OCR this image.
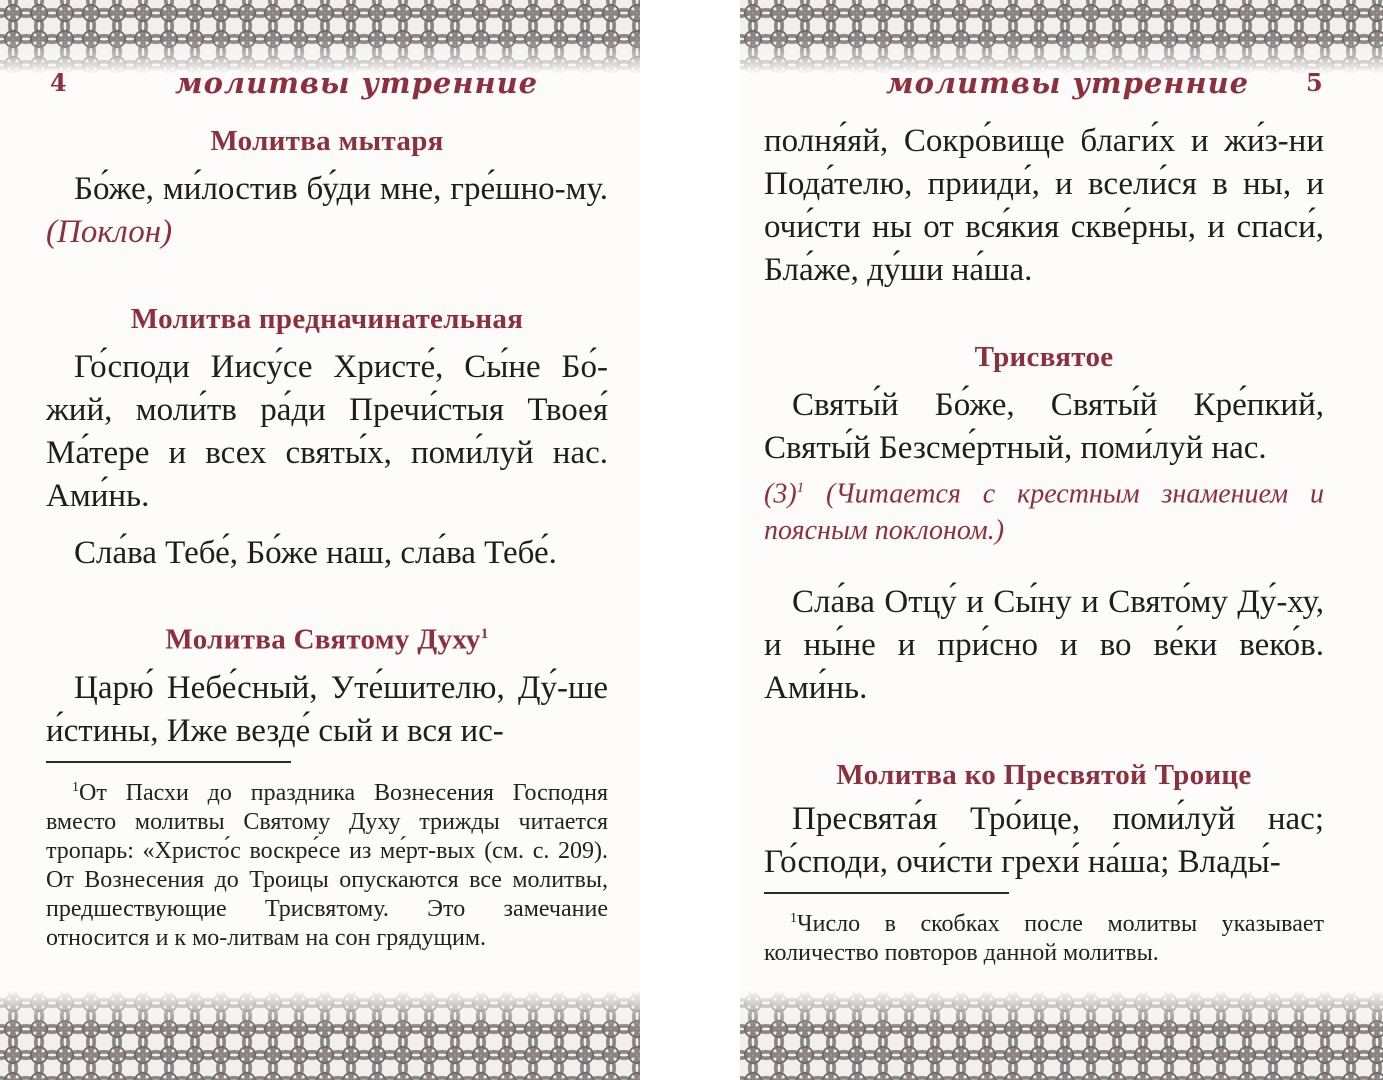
4	молитвы утренние

Молитва мытаря

Бо́же, ми́лостив бу́ди мне, гре́шно-му. (Поклон)

Молитва предначинательная

Го́споди Иису́се Христе́, Сы́не Бо́-жий, моли́тв ра́ди Пречи́стыя Твоея́ Ма́тере и всех святы́х, поми́луй нас. Ами́нь.

Сла́ва Тебе́, Бо́же наш, сла́ва Тебе́.

Молитва Святому Духу$^1$

Царю́ Небе́сный, Уте́шителю, Ду́-ше и́стины, Иже везде́ сый и вся ис-

$^1$От Пасхи до праздника Вознесения Господня вместо молитвы Святому Духу трижды читается тропарь: «Христо́с воскре́се из ме́рт-вых (см. с. 209). От Вознесения до Троицы опускаются все молитвы, предшествующие Трисвятому. Это замечание относится и к мо-литвам на сон грядущим.

молитвы утренние 5

полня́яй, Сокро́вище благи́х и жи́з-ни Пода́телю, прииди́, и всели́ся в ны, и очи́сти ны от вся́кия скве́рны, и спаси́, Бла́же, ду́ши на́ша.

Трисвятое

Святы́й Бо́же, Святы́й Кре́пкий, Святы́й Безсме́ртный, поми́луй нас.

$(3)^1$ (Читается с крестным знамением и поясным поклоном.)

Сла́ва Отцу́ и Сы́ну и Свято́му Ду́-ху, и ны́не и при́сно и во ве́ки веко́в. Ами́нь.

Молитва ко Пресвятой Троице

Пресвята́я Тро́ице, поми́луй нас; Го́споди, очи́сти грехи́ на́ша; Влады́-

$^1$Число в скобках после молитвы указывает количество повторов данной молитвы.
